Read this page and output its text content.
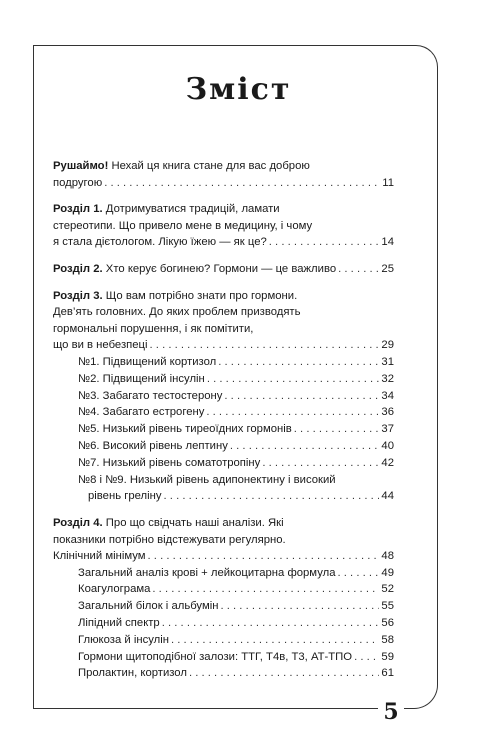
Зміст
Рушаймо! Нехай ця книга стане для вас доброю
подругою . . .	11
Розділ 1. Дотримуватися традицій, ламати
стереотипи. Що привело мене в медицину, і чому
я стала дієтологом. Лікую їжею — як це? . . .	14
Розділ 2. Хто керує богинею? Гормони — це важливо . . .	25
Розділ 3. Що вам потрібно знати про гормони.
Дев’ять головних. До яких проблем призводять
гормональні порушення, і як помітити,
що ви в небезпеці . . .	29
№1. Підвищений кортизол . . .	31
№2. Підвищений інсулін . . .	32
№3. Забагато тестостерону . . .	34
№4. Забагато естрогену . . .	36
№5. Низький рівень тиреоїдних гормонів . . .	37
№6. Високий рівень лептину . . .	40
№7. Низький рівень соматотропіну . . .	42
№8 і №9. Низький рівень адипонектину і високий
рівень греліну . . .	44
Розділ 4. Про що свідчать наші аналізи. Які
показники потрібно відстежувати регулярно.
Клінічний мінімум . . .	48
Загальний аналіз крові + лейкоцитарна формула . . .	49
Коагулограма . . .	52
Загальний білок і альбумін . . .	55
Ліпідний спектр . . .	56
Глюкоза й інсулін . . .	58
Гормони щитоподібної залози: ТТГ, Т4в, Т3, АТ-ТПО . . .	59
Пролактин, кортизол . . .	61
5
